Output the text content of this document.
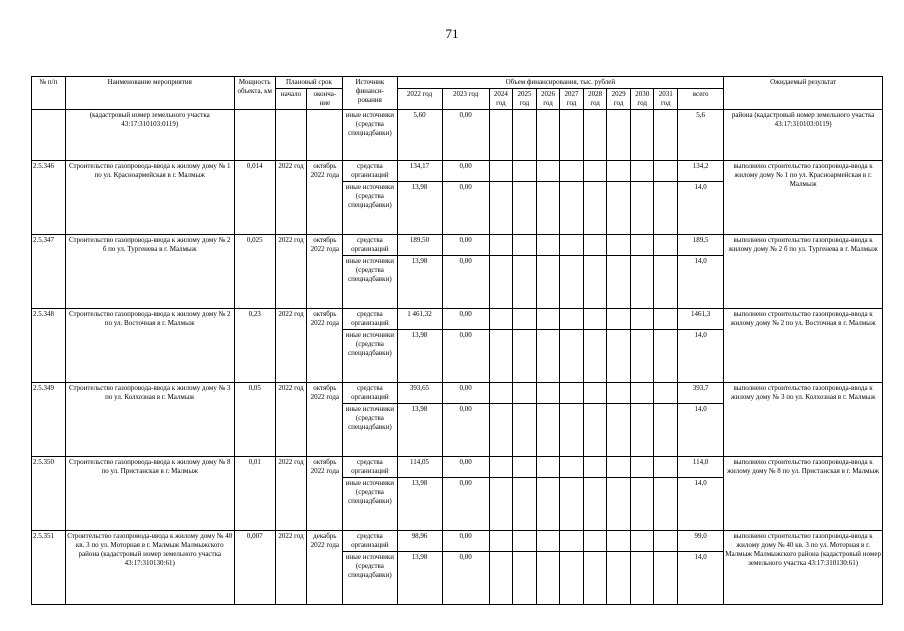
71
№ п/п	Наименование мероприятия	Мощность объекта, км	Плановый срок		Источник финанси-рования	Объем финансирования, тыс. рублей											Ожидаемый результат
			начало	оконча-ние		2022 год	2023 год	2024 год	2025 год	2026 год	2027 год	2028 год	2029 год	2030 год	2031 год	всего	
	(кадастровый номер земельного участка 43:17:310103:0119)				иные источники (средства спецнадбавки)	5,60	0,00									5,6	района (кадастровый номер земельного участка 43:17:310103:0119)
2.5.346	Строительство газопровода-ввода к жилому дому № 1 по ул. Красноармейская в г. Малмыж	0,014	2022 год	октябрь 2022 года	средства организаций	134,17	0,00									134,2	выполнено строительство газопровода-ввода к жилому дому № 1 по ул. Красноармейская в г. Малмыж
					иные источники (средства спецнадбавки)	13,98	0,00									14,0	
2.5.347	Строительство газопровода-ввода к жилому дому № 2 б по ул. Тургенева в г. Малмыж	0,025	2022 год	октябрь 2022 года	средства организаций	189,50	0,00									189,5	выполнено строительство газопровода-ввода к жилому дому № 2 б по ул. Тургенева в г. Малмыж
					иные источники (средства спецнадбавки)	13,98	0,00									14,0	
2.5.348	Строительство газопровода-ввода к жилому дому № 2 по ул. Восточная в г. Малмыж	0,23	2022 год	октябрь 2022 года	средства организаций	1 461,32	0,00									1461,3	выполнено строительство газопровода-ввода к жилому дому № 2 по ул. Восточная в г. Малмыж
					иные источники (средства спецнадбавки)	13,98	0,00									14,0	
2.5.349	Строительство газопровода-ввода к жилому дому № 3 по ул. Колхозная в г. Малмыж	0,05	2022 год	октябрь 2022 года	средства организаций	393,65	0,00									393,7	выполнено строительство газопровода-ввода к жилому дому № 3 по ул. Колхозная в г. Малмыж
					иные источники (средства спецнадбавки)	13,98	0,00									14,0	
2.5.350	Строительство газопровода-ввода к жилому дому № 8 по ул. Пристанская в г. Малмыж	0,01	2022 год	октябрь 2022 года	средства организаций	114,05	0,00									114,0	выполнено строительство газопровода-ввода к жилому дому № 8 по ул. Пристанская в г. Малмыж
					иные источники (средства спецнадбавки)	13,98	0,00									14,0	
2.5.351	Строительство газопровода-ввода к жилому дому № 40 кв. 3 по ул. Моторная в г. Малмыж Малмыжского района (кадастровый номер земельного участка 43:17:310130:61)	0,007	2022 год	декабрь 2022 года	средства организаций	98,96	0,00									99,0	выполнено строительство газопровода-ввода к жилому дому № 40 кв. 3 по ул. Моторная в г. Малмыж Малмыжского района (кадастровый номер земельного участка 43:17:310130:61)
					иные источники (средства спецнадбавки)	13,98	0,00									14,0	
